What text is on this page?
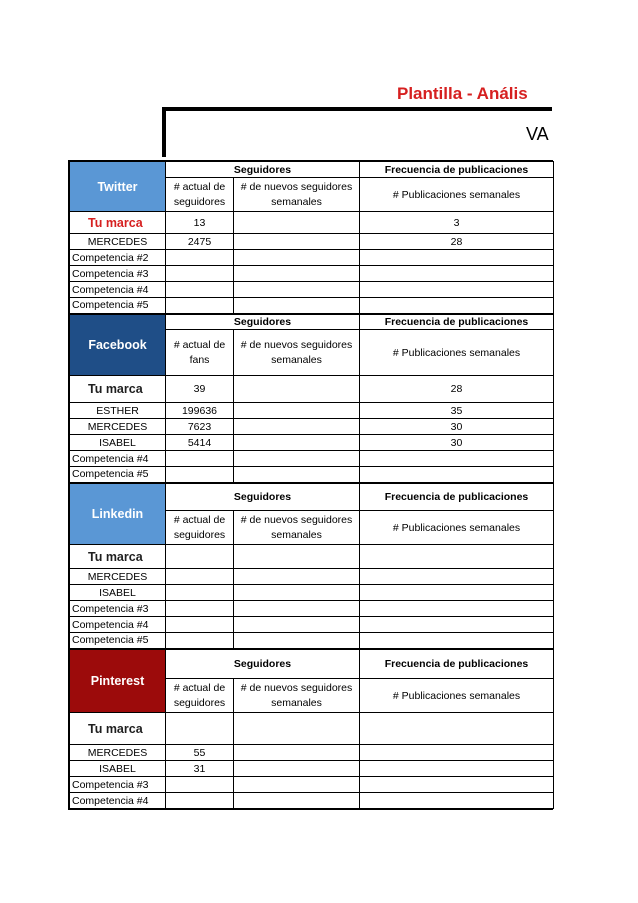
Plantilla - Anális
VA
Twitter	Seguidores		Frecuencia de publicaciones
	# actual de seguidores	# de nuevos seguidores semanales	# Publicaciones semanales
Tu marca	13		3
MERCEDES	2475		28
Competencia #2			
Competencia #3			
Competencia #4			
Competencia #5			
Facebook	Seguidores		Frecuencia de publicaciones
	# actual de fans	# de nuevos seguidores semanales	# Publicaciones semanales
Tu marca	39		28
ESTHER	199636		35
MERCEDES	7623		30
ISABEL	5414		30
Competencia #4			
Competencia #5			
Linkedin	Seguidores		Frecuencia de publicaciones
	# actual de seguidores	# de nuevos seguidores semanales	# Publicaciones semanales
Tu marca			
MERCEDES			
ISABEL			
Competencia #3			
Competencia #4			
Competencia #5			
Pinterest	Seguidores		Frecuencia de publicaciones
	# actual de seguidores	# de nuevos seguidores semanales	# Publicaciones semanales
Tu marca			
MERCEDES	55		
ISABEL	31		
Competencia #3			
Competencia #4			
